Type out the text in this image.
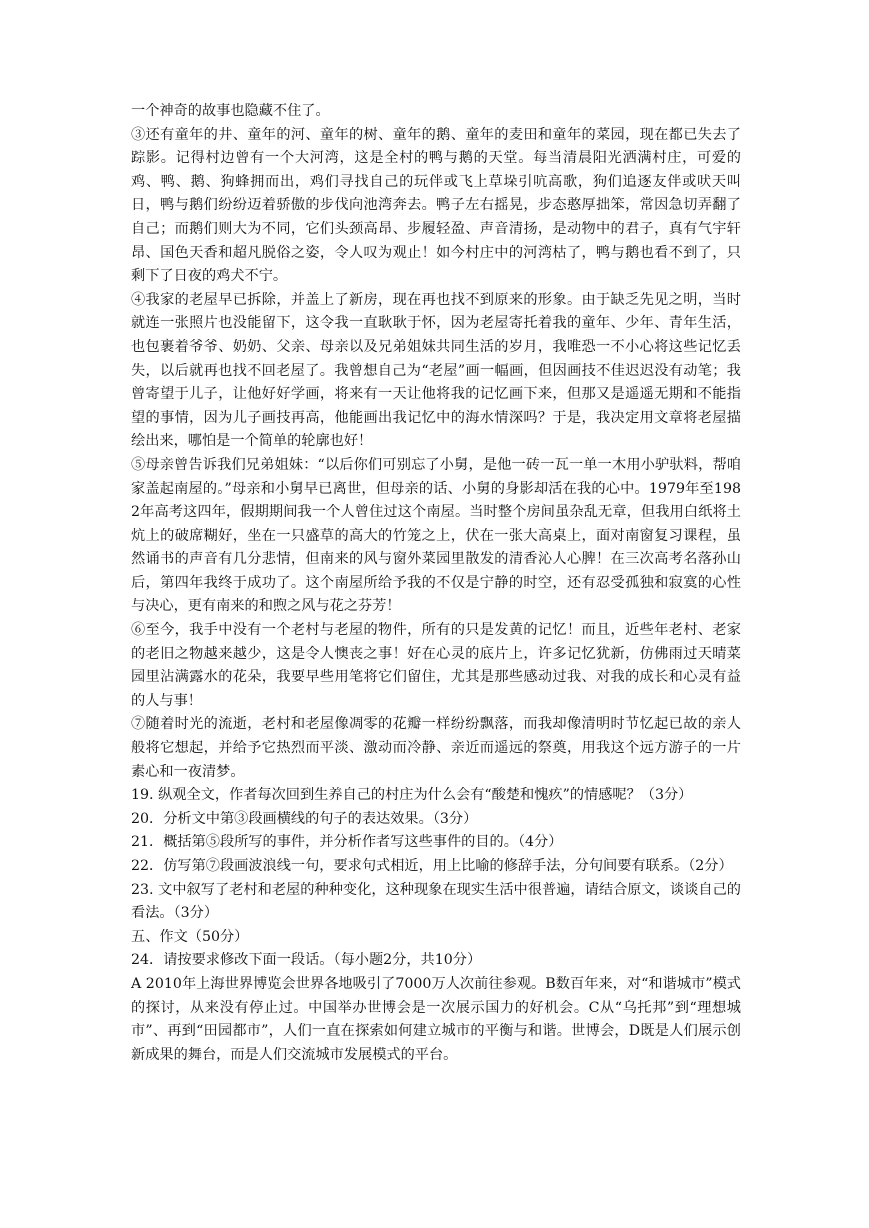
一个神奇的故事也隐藏不住了。

③还有童年的井、童年的河、童年的树、童年的鹅、童年的麦田和童年的菜园，现在都已失去了踪影。记得村边曾有一个大河湾，这是全村的鸭与鹅的天堂。每当清晨阳光洒满村庄，可爱的鸡、鸭、鹅、狗蜂拥而出，鸡们寻找自己的玩伴或飞上草垛引吭高歌，狗们追逐友伴或吠天叫日，鸭与鹅们纷纷迈着骄傲的步伐向池湾奔去。鸭子左右摇晃，步态憨厚拙笨，常因急切弄翻了自己；而鹅们则大为不同，它们头颈高昂、步履轻盈、声音清扬，是动物中的君子，真有气宇轩昂、国色天香和超凡脱俗之姿，令人叹为观止！如今村庄中的河湾枯了，鸭与鹅也看不到了，只剩下了日夜的鸡犬不宁。

④我家的老屋早已拆除，并盖上了新房，现在再也找不到原来的形象。由于缺乏先见之明，当时就连一张照片也没能留下，这令我一直耿耿于怀，因为老屋寄托着我的童年、少年、青年生活，也包裹着爷爷、奶奶、父亲、母亲以及兄弟姐妹共同生活的岁月，我唯恐一不小心将这些记忆丢失，以后就再也找不回老屋了。我曾想自己为“老屋”画一幅画，但因画技不佳迟迟没有动笔；我曾寄望于儿子，让他好好学画，将来有一天让他将我的记忆画下来，但那又是遥遥无期和不能指望的事情，因为儿子画技再高，他能画出我记忆中的海水情深吗？于是，我决定用文章将老屋描绘出来，哪怕是一个简单的轮廓也好！

⑤母亲曾告诉我们兄弟姐妹：“以后你们可别忘了小舅，是他一砖一瓦一单一木用小驴驮料，帮咱家盖起南屋的。”母亲和小舅早已离世，但母亲的话、小舅的身影却活在我的心中。1979年至1982年高考这四年，假期期间我一个人曾住过这个南屋。当时整个房间虽杂乱无章，但我用白纸将土炕上的破席糊好，坐在一只盛草的高大的竹笼之上，伏在一张大高桌上，面对南窗复习课程，虽然诵书的声音有几分悲情，但南来的风与窗外菜园里散发的清香沁人心脾！在三次高考名落孙山后，第四年我终于成功了。这个南屋所给予我的不仅是宁静的时空，还有忍受孤独和寂寞的心性与决心，更有南来的和煦之风与花之芬芳！

⑥至今，我手中没有一个老村与老屋的物件，所有的只是发黄的记忆！而且，近些年老村、老家的老旧之物越来越少，这是令人懊丧之事！好在心灵的底片上，许多记忆犹新，仿佛雨过天晴菜园里沾满露水的花朵，我要早些用笔将它们留住，尤其是那些感动过我、对我的成长和心灵有益的人与事！

⑦随着时光的流逝，老村和老屋像凋零的花瓣一样纷纷飘落，而我却像清明时节忆起已故的亲人般将它想起，并给予它热烈而平淡、激动而冷静、亲近而遥远的祭奠，用我这个远方游子的一片素心和一夜清梦。

19. 纵观全文，作者每次回到生养自己的村庄为什么会有“酸楚和愧疚”的情感呢？（3分）

20．分析文中第③段画横线的句子的表达效果。（3分）

21．概括第⑤段所写的事件，并分析作者写这些事件的目的。（4分）

22．仿写第⑦段画波浪线一句，要求句式相近，用上比喻的修辞手法，分句间要有联系。（2分）

23. 文中叙写了老村和老屋的种种变化，这种现象在现实生活中很普遍，请结合原文，谈谈自己的看法。（3分）

五、作文（50分）

24．请按要求修改下面一段话。（每小题2分，共10分）

A 2010年上海世界博览会世界各地吸引了7000万人次前往参观。B数百年来，对“和谐城市”模式的探讨，从来没有停止过。中国举办世博会是一次展示国力的好机会。C从“乌托邦”到“理想城市”、再到“田园都市”，人们一直在探索如何建立城市的平衡与和谐。世博会，D既是人们展示创新成果的舞台，而是人们交流城市发展模式的平台。
